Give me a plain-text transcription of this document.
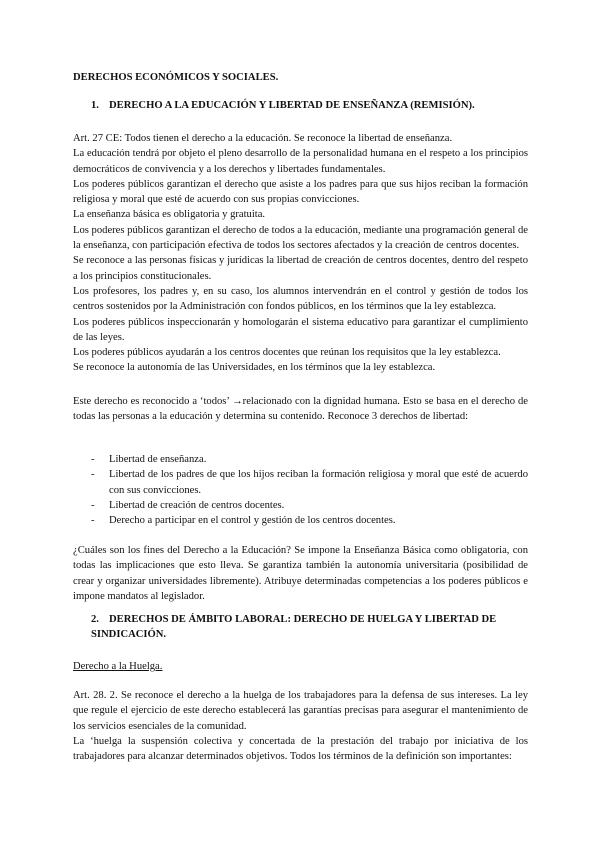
DERECHOS ECONÓMICOS Y SOCIALES.
1. DERECHO A LA EDUCACIÓN Y LIBERTAD DE ENSEÑANZA (REMISIÓN).

Art. 27 CE: Todos tienen el derecho a la educación. Se reconoce la libertad de enseñanza.

La educación tendrá por objeto el pleno desarrollo de la personalidad humana en el respeto a los principios democráticos de convivencia y a los derechos y libertades fundamentales.

Los poderes públicos garantizan el derecho que asiste a los padres para que sus hijos reciban la formación religiosa y moral que esté de acuerdo con sus propias convicciones.

La enseñanza básica es obligatoria y gratuita.

Los poderes públicos garantizan el derecho de todos a la educación, mediante una programación general de la enseñanza, con participación efectiva de todos los sectores afectados y la creación de centros docentes.

Se reconoce a las personas físicas y jurídicas la libertad de creación de centros docentes, dentro del respeto a los principios constitucionales.

Los profesores, los padres y, en su caso, los alumnos intervendrán en el control y gestión de todos los centros sostenidos por la Administración con fondos públicos, en los términos que la ley establezca.

Los poderes públicos inspeccionarán y homologarán el sistema educativo para garantizar el cumplimiento de las leyes.

Los poderes públicos ayudarán a los centros docentes que reúnan los requisitos que la ley establezca.

Se reconoce la autonomía de las Universidades, en los términos que la ley establezca.

Este derecho es reconocido a ‘todos’ →relacionado con la dignidad humana. Esto se basa en el derecho de todas las personas a la educación y determina su contenido. Reconoce 3 derechos de libertad:
- Libertad de enseñanza.
- Libertad de los padres de que los hijos reciban la formación religiosa y moral que esté de acuerdo con sus convicciones.
- Libertad de creación de centros docentes.
- Derecho a participar en el control y gestión de los centros docentes.
¿Cuáles son los fines del Derecho a la Educación? Se impone la Enseñanza Básica como obligatoria, con todas las implicaciones que esto lleva. Se garantiza también la autonomía universitaria (posibilidad de crear y organizar universidades libremente). Atribuye determinadas competencias a los poderes públicos e impone mandatos al legislador.
2. DERECHOS DE ÁMBITO LABORAL: DERECHO DE HUELGA Y LIBERTAD DE SINDICACIÓN.
Derecho a la Huelga.
Art. 28. 2. Se reconoce el derecho a la huelga de los trabajadores para la defensa de sus intereses. La ley que regule el ejercicio de este derecho establecerá las garantías precisas para asegurar el mantenimiento de los servicios esenciales de la comunidad.
La ‘huelga la suspensión colectiva y concertada de la prestación del trabajo por iniciativa de los trabajadores para alcanzar determinados objetivos. Todos los términos de la definición son importantes:
